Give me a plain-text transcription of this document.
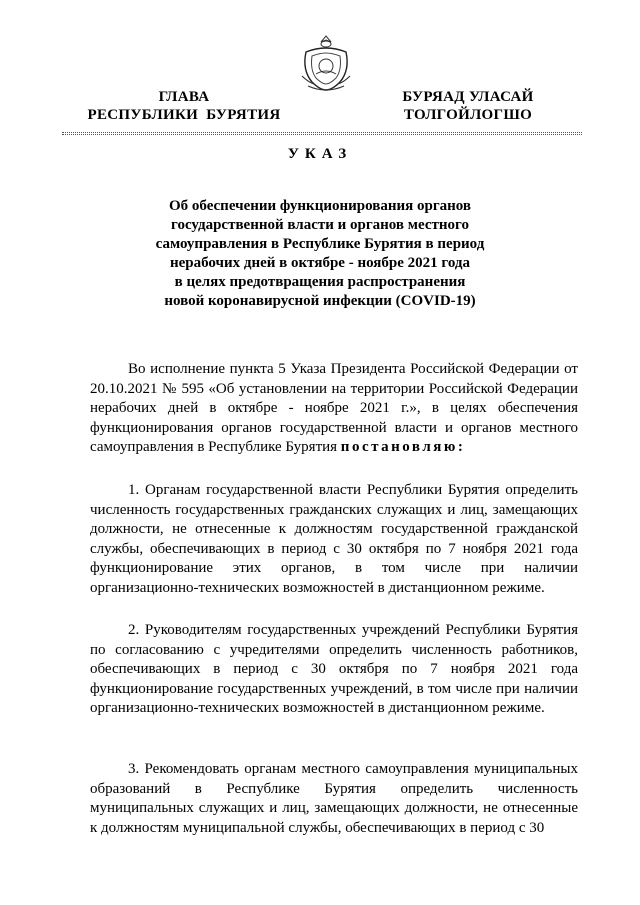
ГЛАВА
РЕСПУБЛИКИ  БУРЯТИЯ
БУРЯАД УЛАСАЙ
ТОЛГОЙЛОГШО
УКАЗ
Об обеспечении функционирования органов
государственной власти и органов местного
самоуправления в Республике Бурятия в период
нерабочих дней в октябре - ноябре 2021 года
в целях предотвращения распространения
новой коронавирусной инфекции (COVID-19)

Во исполнение пункта 5 Указа Президента Российской Федерации от 20.10.2021 № 595 «Об установлении на территории Российской Федерации нерабочих дней в октябре - ноябре 2021 г.», в целях обеспечения функционирования органов государственной власти и органов местного самоуправления в Республике Бурятия постановляю:

1. Органам государственной власти Республики Бурятия определить численность государственных гражданских служащих и лиц, замещающих должности, не отнесенные к должностям государственной гражданской службы, обеспечивающих в период с 30 октября по 7 ноября 2021 года функционирование этих органов, в том числе при наличии организационно-технических возможностей в дистанционном режиме.

2. Руководителям государственных учреждений Республики Бурятия по согласованию с учредителями определить численность работников, обеспечивающих в период с 30 октября по 7 ноября 2021 года функционирование государственных учреждений, в том числе при наличии организационно-технических возможностей в дистанционном режиме.

3. Рекомендовать органам местного самоуправления муниципальных образований в Республике Бурятия определить численность муниципальных служащих и лиц, замещающих должности, не отнесенные к должностям муниципальной службы, обеспечивающих в период с 30
